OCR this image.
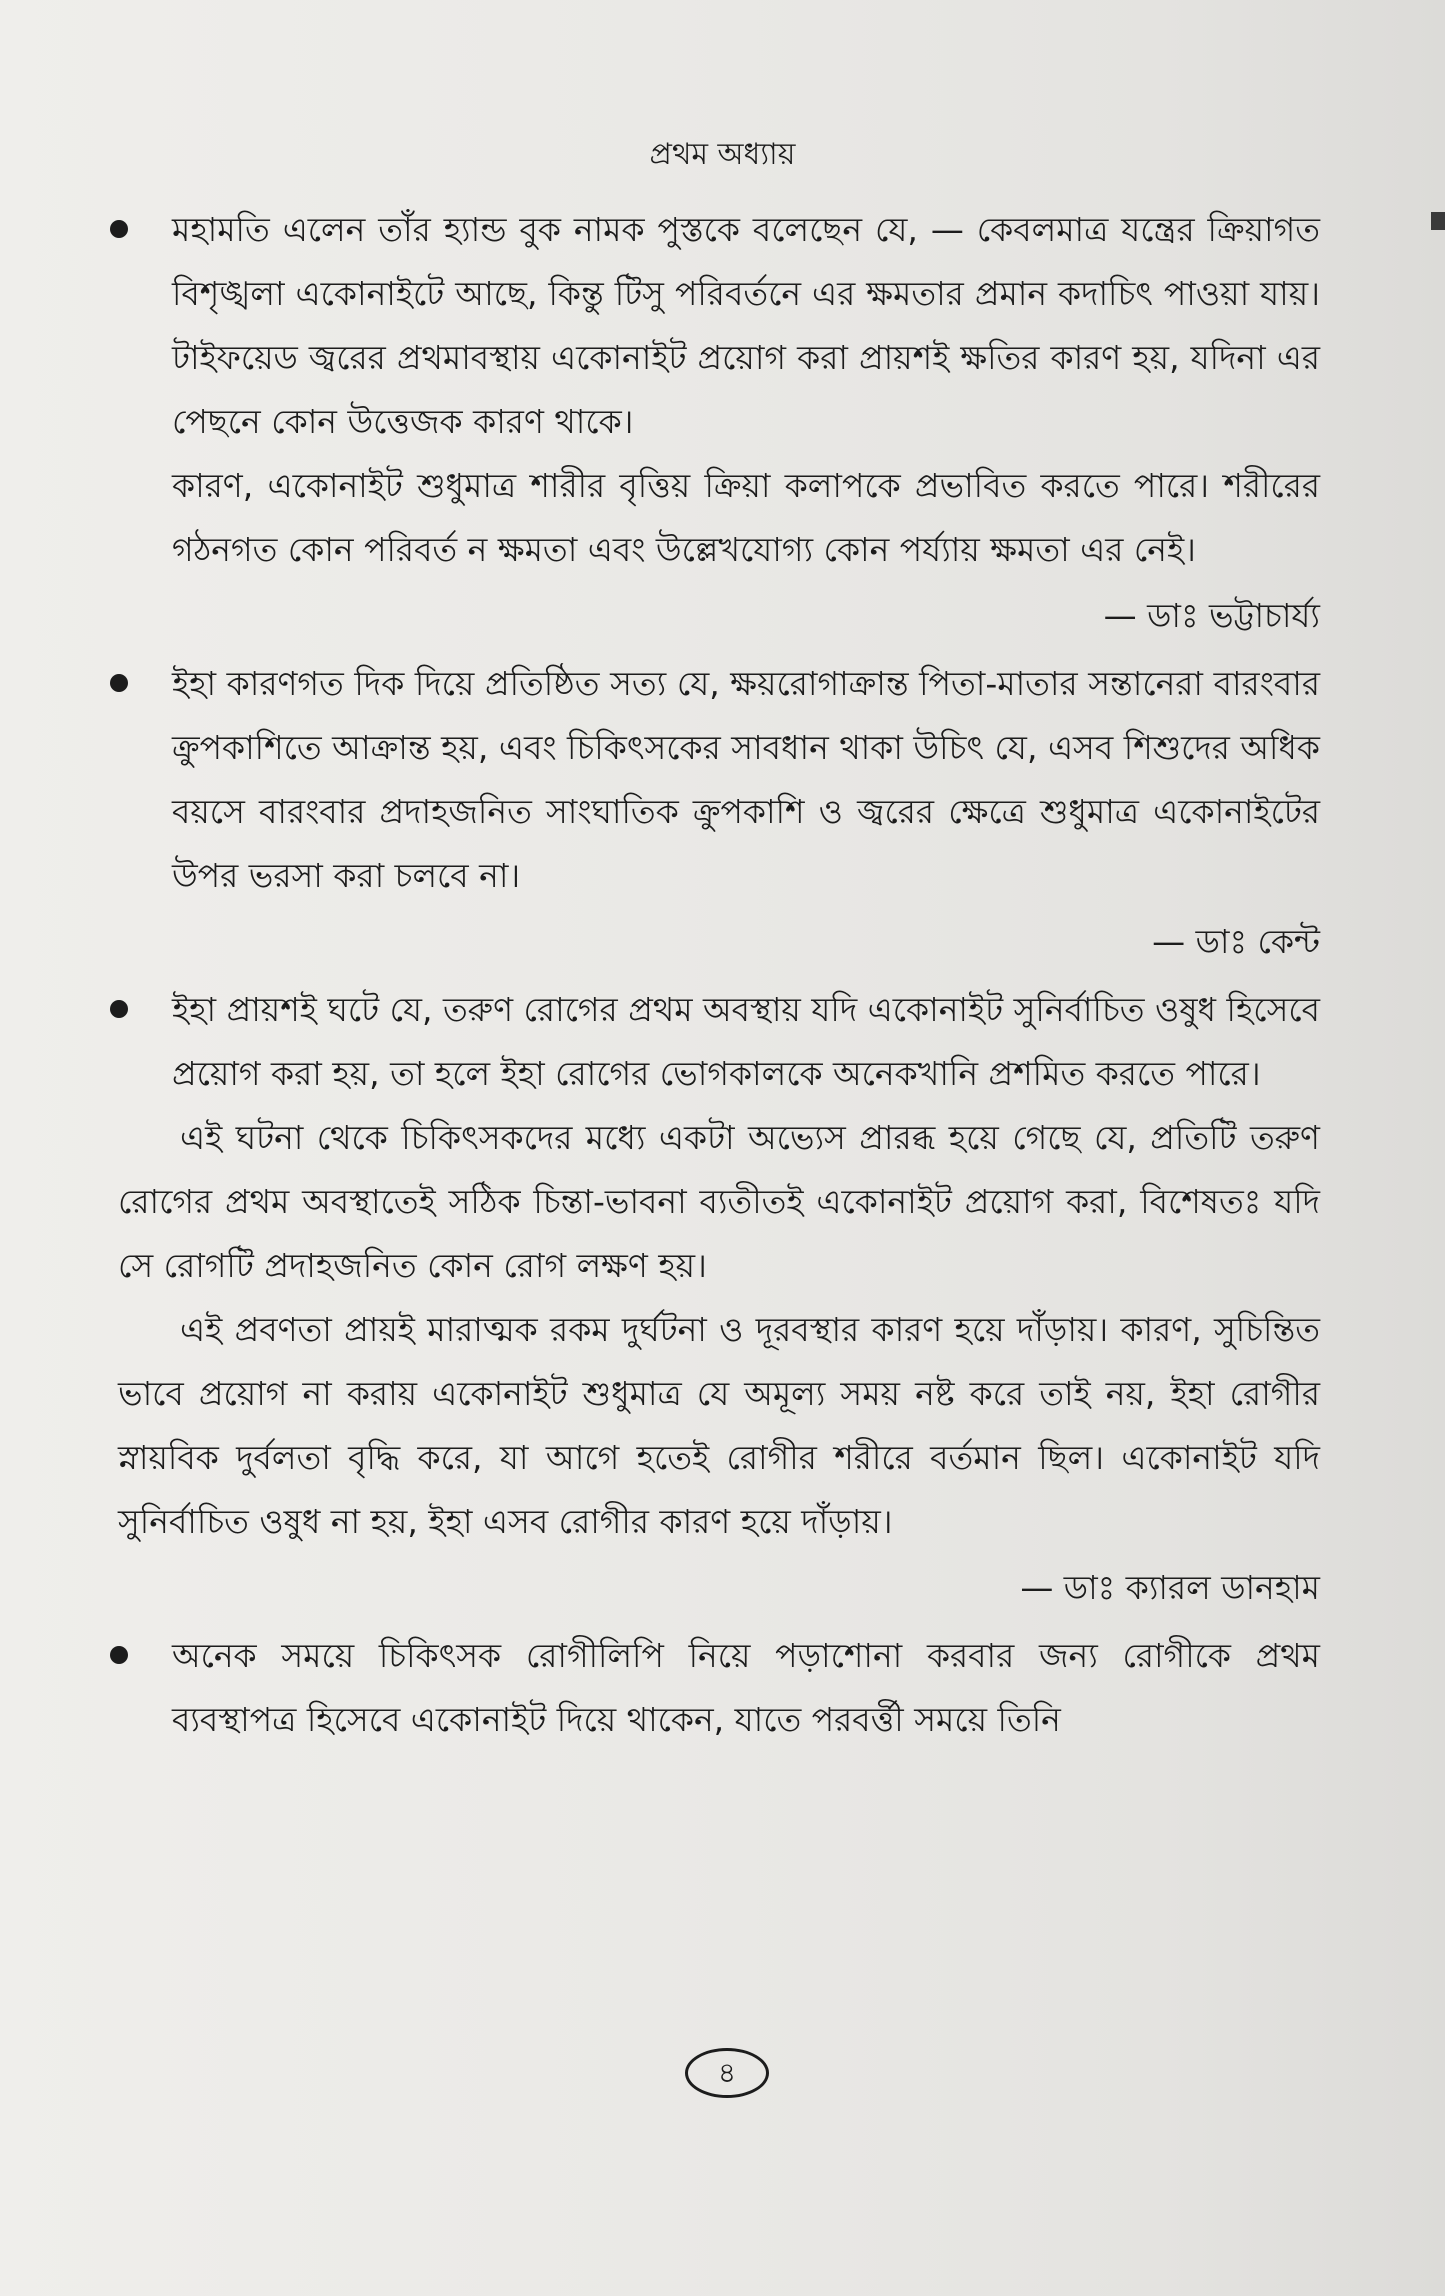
প্রথম অধ্যায়

মহামতি এলেন তাঁর হ্যান্ড বুক নামক পুস্তকে বলেছেন যে, — কেবলমাত্র যন্ত্রের ক্রিয়াগত বিশৃঙ্খলা একোনাইটে আছে, কিন্তু টিসু পরিবর্তনে এর ক্ষমতার প্রমান কদাচিৎ পাওয়া যায়। টাইফয়েড জ্বরের প্রথমাবস্থায় একোনাইট প্রয়োগ করা প্রায়শই ক্ষতির কারণ হয়, যদিনা এর পেছনে কোন উত্তেজক কারণ থাকে।

কারণ, একোনাইট শুধুমাত্র শারীর বৃত্তিয় ক্রিয়া কলাপকে প্রভাবিত করতে পারে। শরীরের গঠনগত কোন পরিবর্ত ন ক্ষমতা এবং উল্লেখযোগ্য কোন পর্য্যায় ক্ষমতা এর নেই।

— ডাঃ ভট্টাচার্য্য

ইহা কারণগত দিক দিয়ে প্রতিষ্ঠিত সত্য যে, ক্ষয়রোগাক্রান্ত পিতা-মাতার সন্তানেরা বারংবার ক্রুপকাশিতে আক্রান্ত হয়, এবং চিকিৎসকের সাবধান থাকা উচিৎ যে, এসব শিশুদের অধিক বয়সে বারংবার প্রদাহজনিত সাংঘাতিক ক্রুপকাশি ও জ্বরের ক্ষেত্রে শুধুমাত্র একোনাইটের উপর ভরসা করা চলবে না।

— ডাঃ কেন্ট

ইহা প্রায়শই ঘটে যে, তরুণ রোগের প্রথম অবস্থায় যদি একোনাইট সুনির্বাচিত ওষুধ হিসেবে প্রয়োগ করা হয়, তা হলে ইহা রোগের ভোগকালকে অনেকখানি প্রশমিত করতে পারে।

এই ঘটনা থেকে চিকিৎসকদের মধ্যে একটা অভ্যেস প্রারব্ধ হয়ে গেছে যে, প্রতিটি তরুণ রোগের প্রথম অবস্থাতেই সঠিক চিন্তা-ভাবনা ব্যতীতই একোনাইট প্রয়োগ করা, বিশেষতঃ যদি সে রোগটি প্রদাহজনিত কোন রোগ লক্ষণ হয়।

এই প্রবণতা প্রায়ই মারাত্মক রকম দুর্ঘটনা ও দূরবস্থার কারণ হয়ে দাঁড়ায়। কারণ, সুচিন্তিত ভাবে প্রয়োগ না করায় একোনাইট শুধুমাত্র যে অমূল্য সময় নষ্ট করে তাই নয়, ইহা রোগীর স্নায়বিক দুর্বলতা বৃদ্ধি করে, যা আগে হতেই রোগীর শরীরে বর্তমান ছিল। একোনাইট যদি সুনির্বাচিত ওষুধ না হয়, ইহা এসব রোগীর কারণ হয়ে দাঁড়ায়।

— ডাঃ ক্যারল ডানহাম

অনেক সময়ে চিকিৎসক রোগীলিপি নিয়ে পড়াশোনা করবার জন্য রোগীকে প্রথম ব্যবস্থাপত্র হিসেবে একোনাইট দিয়ে থাকেন, যাতে পরবর্ত্তী সময়ে তিনি

৪
